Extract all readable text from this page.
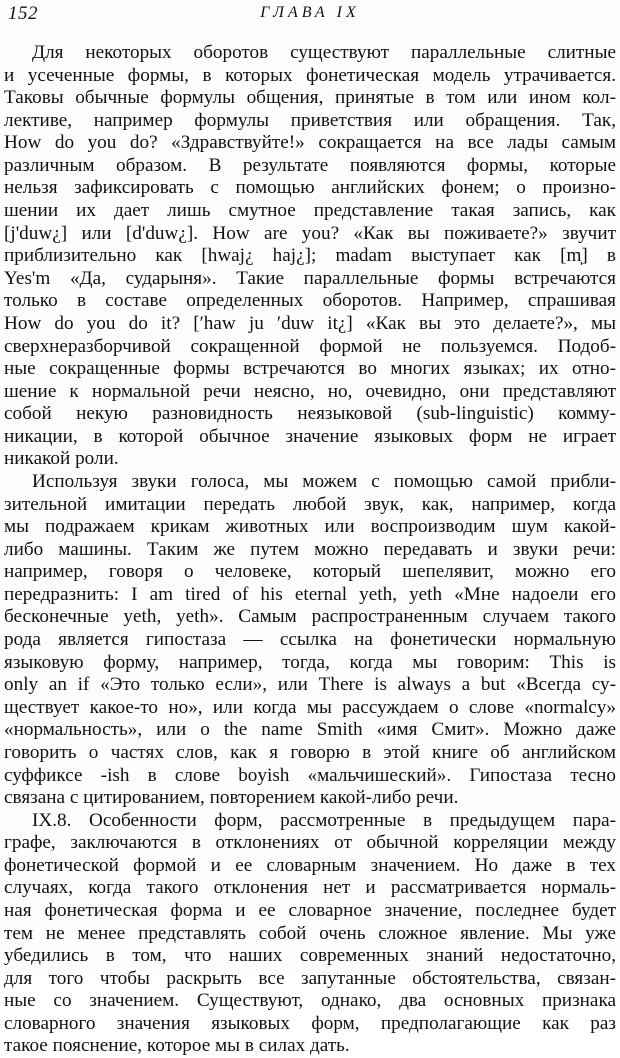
152	ГЛАВА IX
Для некоторых оборотов существуют параллельные слитные
и усеченные формы, в которых фонетическая модель утрачивается.
Таковы обычные формулы общения, принятые в том или ином кол-
лективе, например формулы приветствия или обращения. Так,
How do you do? «Здравствуйте!» сокращается на все лады самым
различным образом. В результате появляются формы, которые
нельзя зафиксировать с помощью английских фонем; о произно-
шении их дает лишь смутное представление такая запись, как
[j'duw¿] или [d'duw¿]. How are you? «Как вы поживаете?» звучит
приблизительно как [hwaj¿ haj¿]; madam выступает как [m̩] в
Yes'm «Да, сударыня». Такие параллельные формы встречаются
только в составе определенных оборотов. Например, спрашивая
How do you do it? [ʹhaw ju ʹduw it¿] «Как вы это делаете?», мы
сверхнеразборчивой сокращенной формой не пользуемся. Подоб-
ные сокращенные формы встречаются во многих языках; их отно-
шение к нормальной речи неясно, но, очевидно, они представляют
собой некую разновидность неязыковой (sub-linguistic) комму-
никации, в которой обычное значение языковых форм не играет
никакой роли.
Используя звуки голоса, мы можем с помощью самой прибли-
зительной имитации передать любой звук, как, например, когда
мы подражаем крикам животных или воспроизводим шум какой-
либо машины. Таким же путем можно передавать и звуки речи:
например, говоря о человеке, который шепелявит, можно его
передразнить: I am tired of his eternal yeth, yeth «Мне надоели его
бесконечные yeth, yeth». Самым распространенным случаем такого
рода является гипостаза — ссылка на фонетически нормальную
языковую форму, например, тогда, когда мы говорим: This is
only an if «Это только если», или There is always a but «Всегда су-
ществует какое-то но», или когда мы рассуждаем о слове «normalcy»
«нормальность», или о the name Smith «имя Смит». Можно даже
говорить о частях слов, как я говорю в этой книге об английском
суффиксе -ish в слове boyish «мальчишеский». Гипостаза тесно
связана с цитированием, повторением какой-либо речи.
IX.8. Особенности форм, рассмотренные в предыдущем пара-
графе, заключаются в отклонениях от обычной корреляции между
фонетической формой и ее словарным значением. Но даже в тех
случаях, когда такого отклонения нет и рассматривается нормаль-
ная фонетическая форма и ее словарное значение, последнее будет
тем не менее представлять собой очень сложное явление. Мы уже
убедились в том, что наших современных знаний недостаточно,
для того чтобы раскрыть все запутанные обстоятельства, связан-
ные со значением. Существуют, однако, два основных признака
словарного значения языковых форм, предполагающие как раз
такое пояснение, которое мы в силах дать.
